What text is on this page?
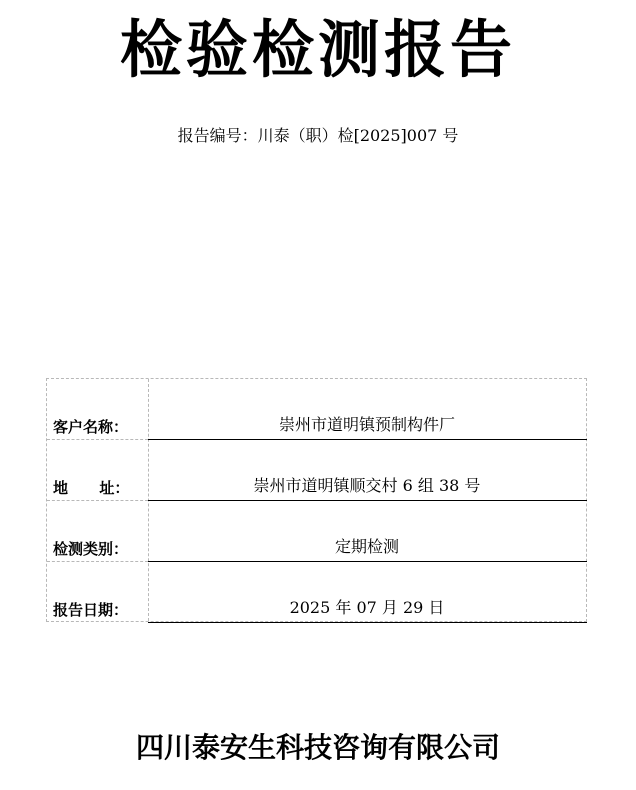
检验检测报告
报告编号：川泰（职）检[2025]007 号
客户名称：	崇州市道明镇预制构件厂
地      址：	崇州市道明镇顺交村 6 组 38 号
检测类别：	定期检测
报告日期：	2025 年 07 月 29 日
四川泰安生科技咨询有限公司
